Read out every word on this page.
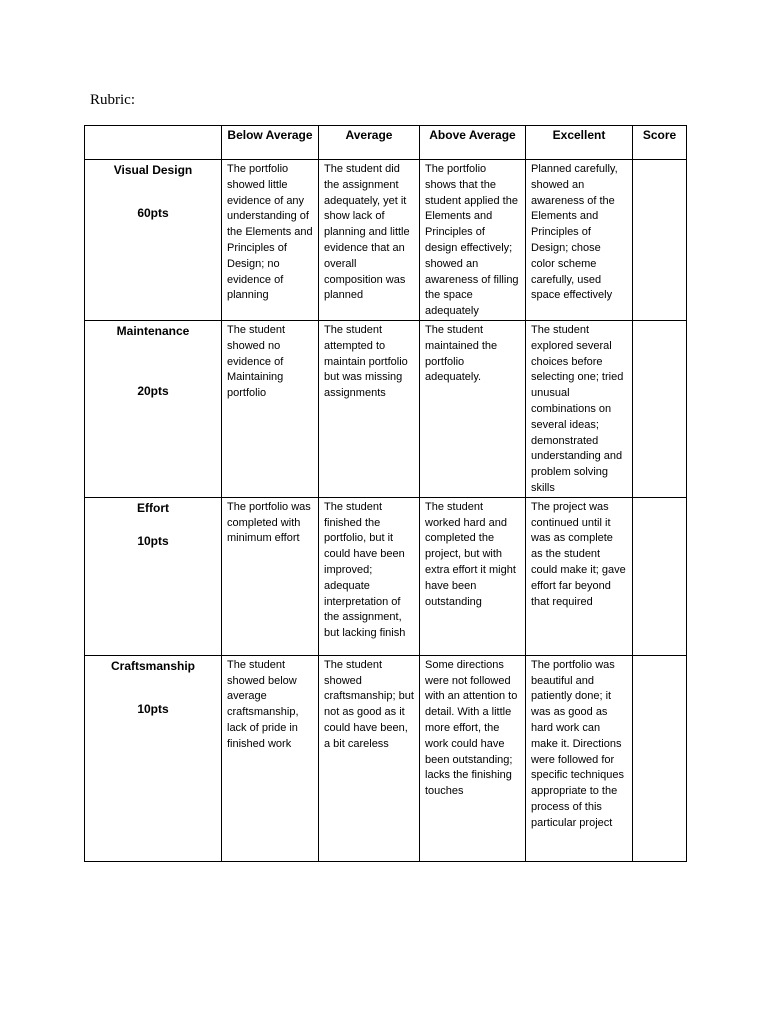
Rubric:
	Below Average	Average	Above Average	Excellent	Score

Visual Design
60pts	The portfolio showed little evidence of any understanding of the Elements and Principles of Design; no evidence of planning	The student did the assignment adequately, yet it show lack of planning and little evidence that an overall composition was planned	The portfolio shows that the student applied the Elements and Principles of design effectively; showed an awareness of filling the space adequately	Planned carefully, showed an awareness of the Elements and Principles of Design; chose color scheme carefully, used space effectively	

Maintenance
20pts	The student showed no evidence of Maintaining portfolio	The student attempted to maintain portfolio but was missing assignments	The student maintained the portfolio adequately.	The student explored several choices before selecting one; tried unusual combinations on several ideas; demonstrated understanding and problem solving skills	

Effort
10pts	The portfolio was completed with minimum effort	The student finished the portfolio, but it could have been improved; adequate interpretation of the assignment, but lacking finish	The student worked hard and completed the project, but with extra effort it might have been outstanding	The project was continued until it was as complete as the student could make it; gave effort far beyond that required	

Craftsmanship
10pts	The student showed below average craftsmanship, lack of pride in finished work	The student showed craftsmanship; but not as good as it could have been, a bit careless	Some directions were not followed with an attention to detail. With a little more effort, the work could have been outstanding; lacks the finishing touches	The portfolio was beautiful and patiently done; it was as good as hard work can make it. Directions were followed for specific techniques appropriate to the process of this particular project	
